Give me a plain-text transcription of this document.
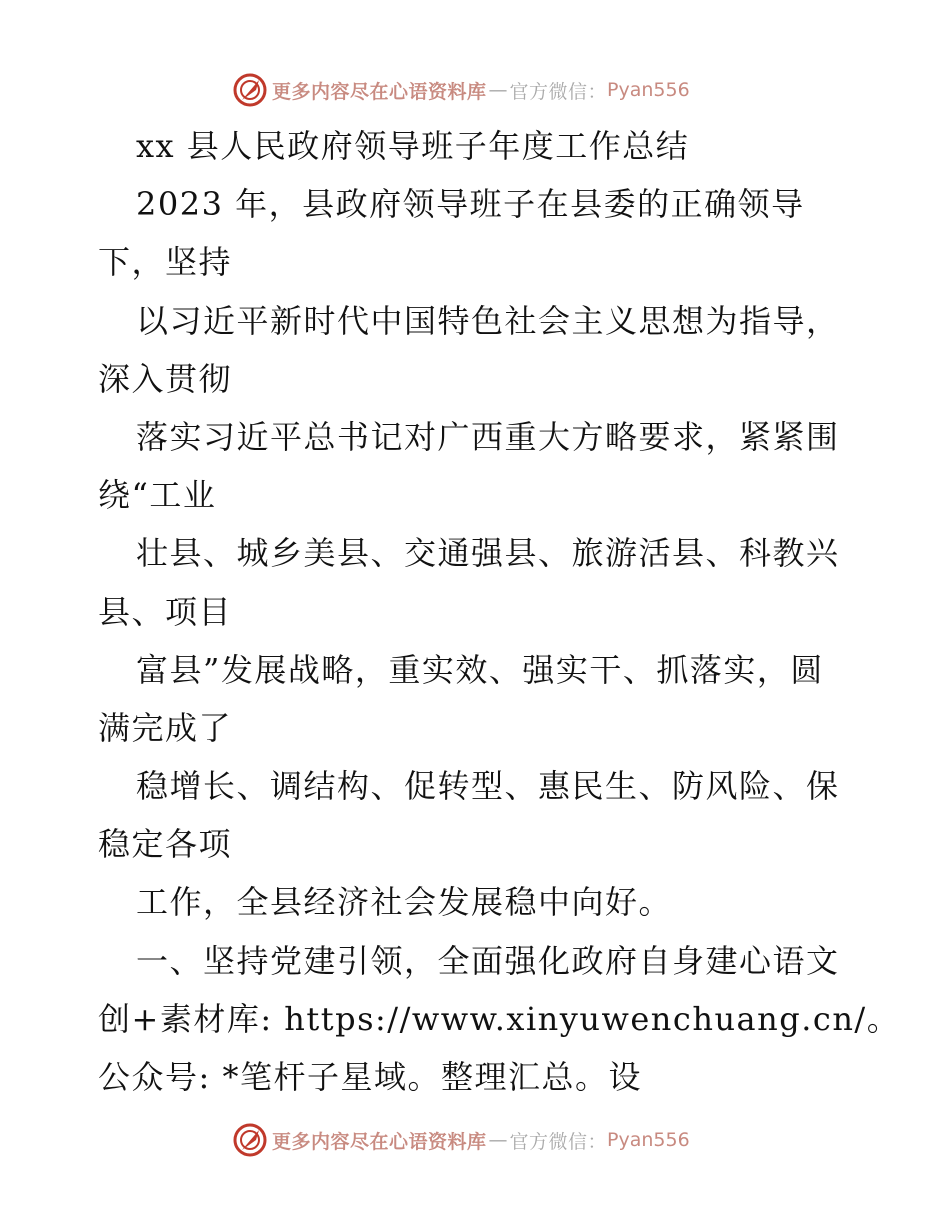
更多内容尽在心语资料库 — 官方微信： Pyan556
xx 县人民政府领导班子年度工作总结
2023 年，县政府领导班子在县委的正确领导
下，坚持
以习近平新时代中国特色社会主义思想为指导，
深入贯彻
落实习近平总书记对广西重大方略要求，紧紧围
绕“工业
壮县、城乡美县、交通强县、旅游活县、科教兴
县、项目
富县”发展战略，重实效、强实干、抓落实，圆
满完成了
稳增长、调结构、促转型、惠民生、防风险、保
稳定各项
工作，全县经济社会发展稳中向好。
一、坚持党建引领，全面强化政府自身建心语文
创+素材库: https://www.xinyuwenchuang.cn/。
公众号: *笔杆子星域。整理汇总。设
更多内容尽在心语资料库 — 官方微信： Pyan556
